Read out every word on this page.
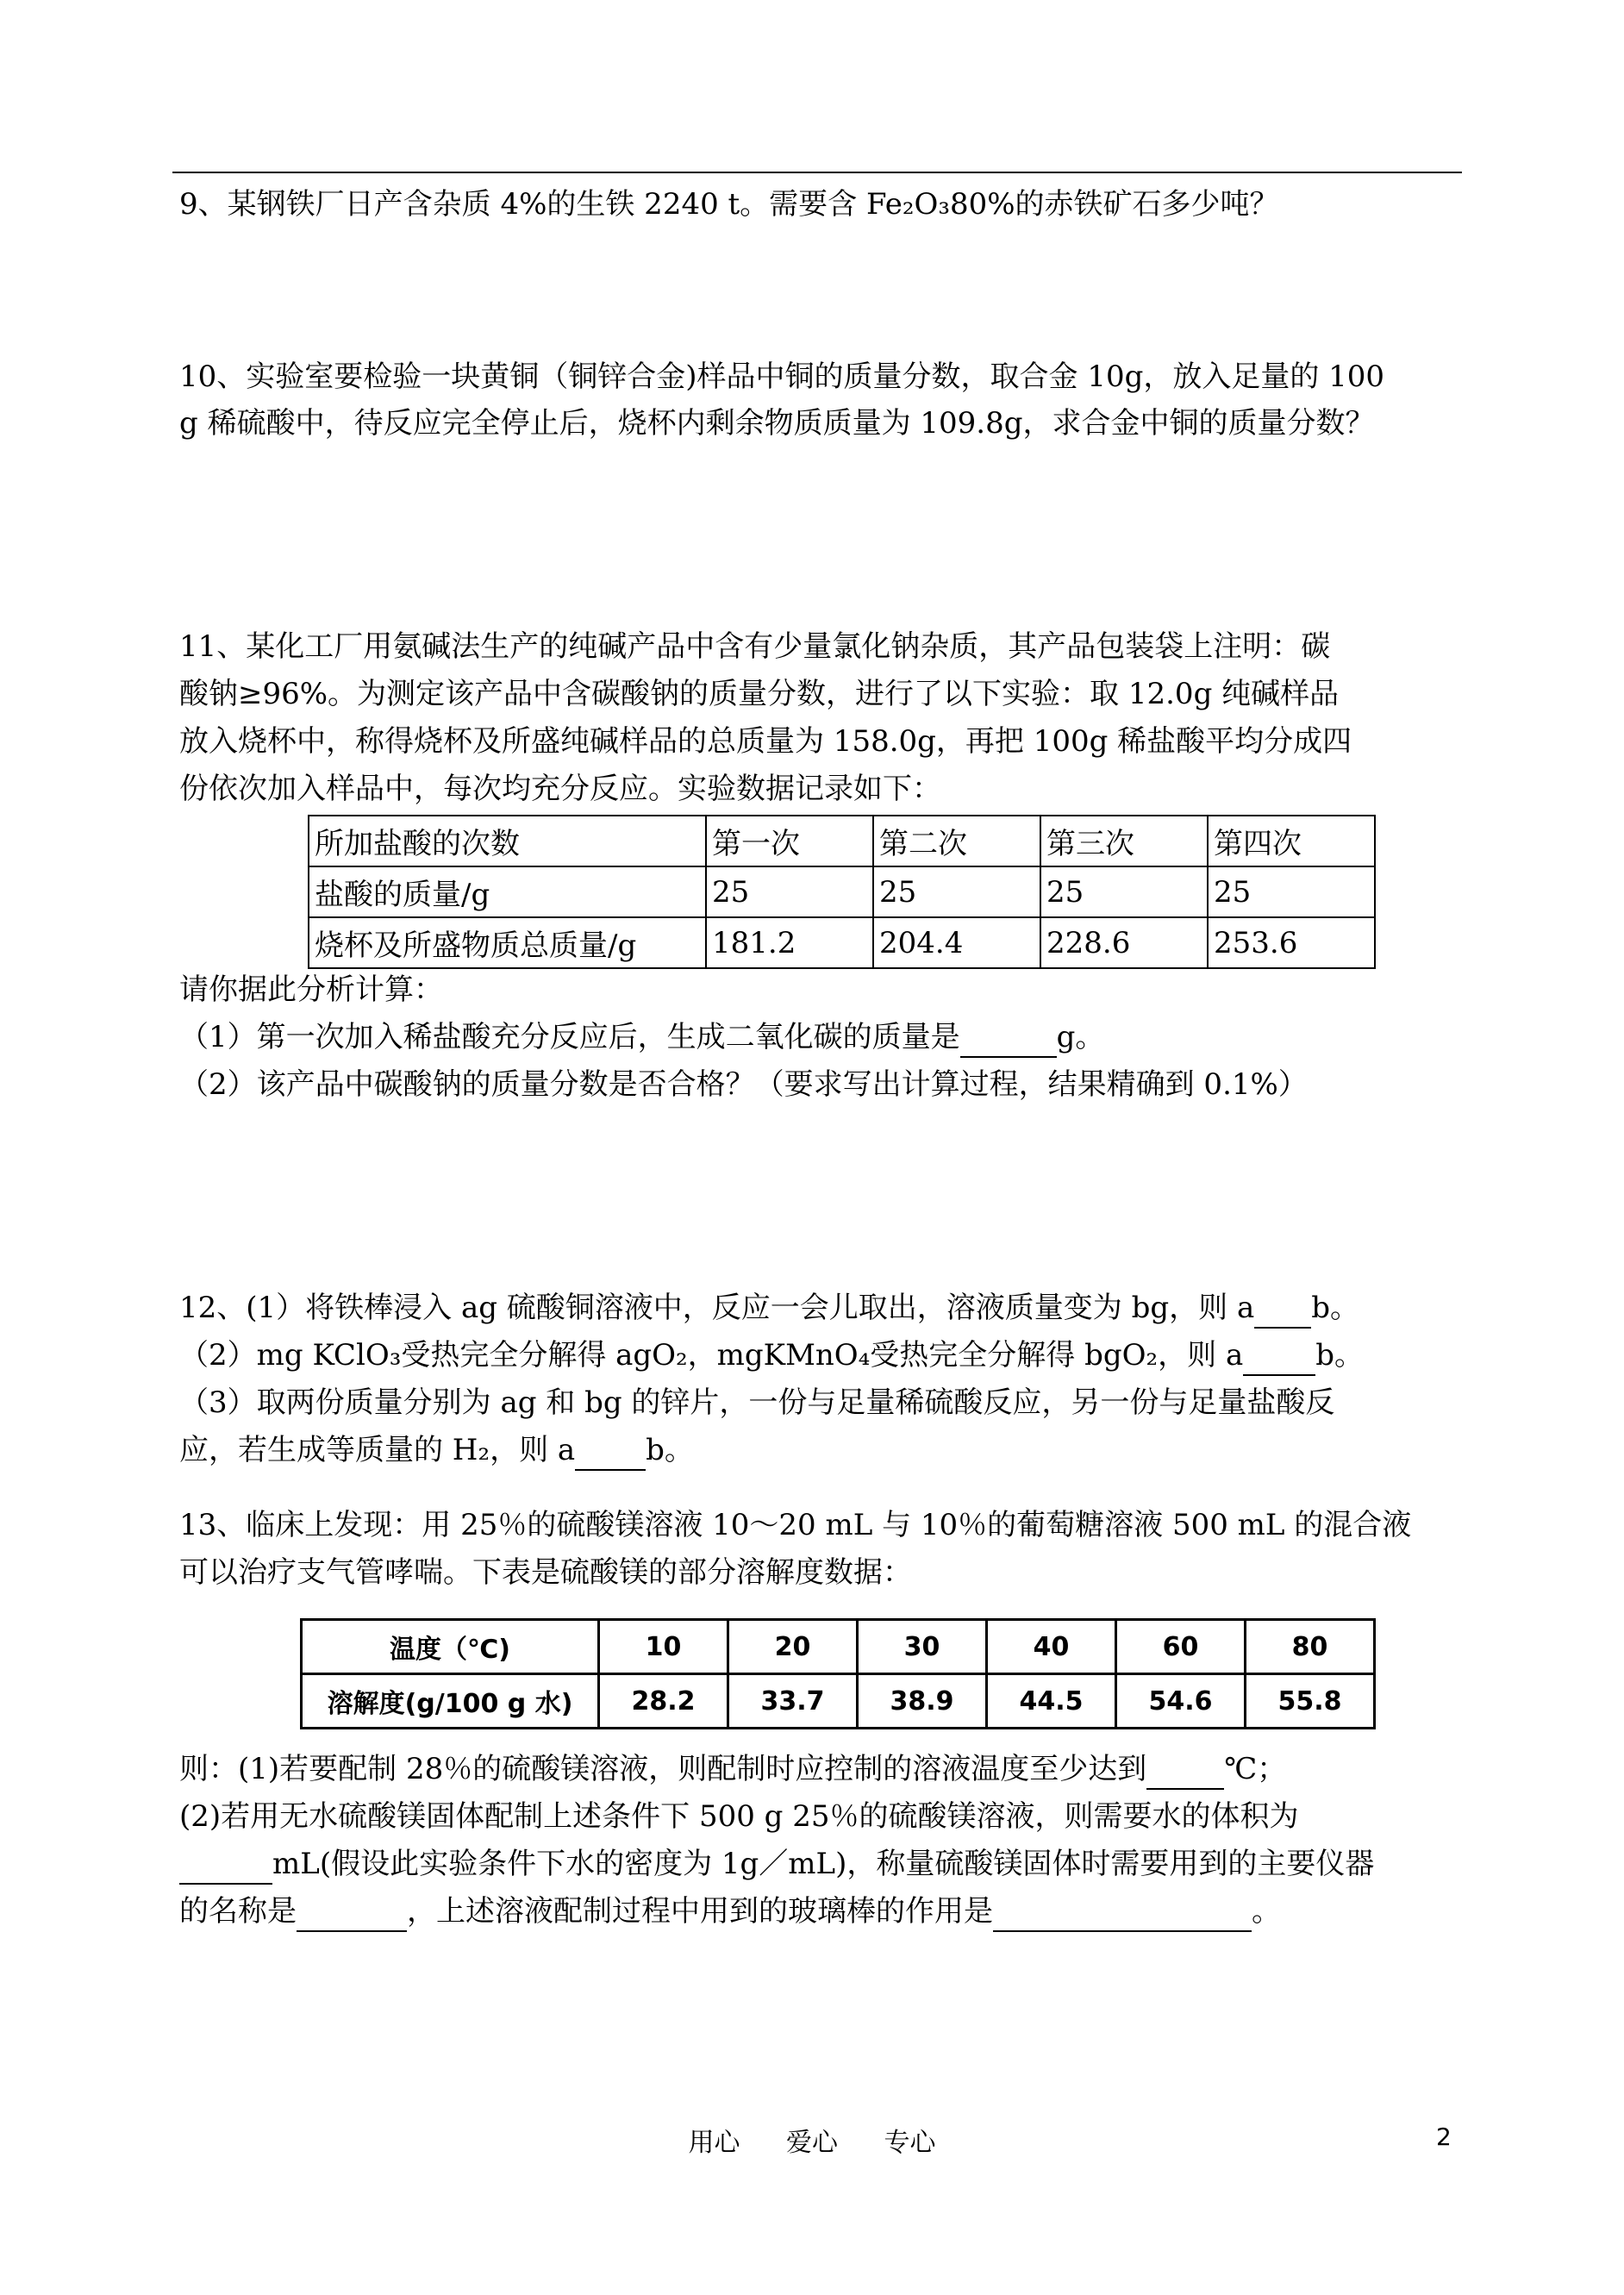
9、某钢铁厂日产含杂质 4%的生铁 2240 t。需要含 Fe₂O₃80%的赤铁矿石多少吨？
10、实验室要检验一块黄铜（铜锌合金)样品中铜的质量分数，取合金 10g，放入足量的 100
g 稀硫酸中，待反应完全停止后，烧杯内剩余物质质量为 109.8g，求合金中铜的质量分数？
11、某化工厂用氨碱法生产的纯碱产品中含有少量氯化钠杂质，其产品包装袋上注明：碳
酸钠≥96%。为测定该产品中含碳酸钠的质量分数，进行了以下实验：取 12.0g 纯碱样品
放入烧杯中，称得烧杯及所盛纯碱样品的总质量为 158.0g，再把 100g 稀盐酸平均分成四
份依次加入样品中，每次均充分反应。实验数据记录如下：
所加盐酸的次数	第一次	第二次	第三次	第四次
盐酸的质量/g	25	25	25	25
烧杯及所盛物质总质量/g	181.2	204.4	228.6	253.6
请你据此分析计算：
（1）第一次加入稀盐酸充分反应后，生成二氧化碳的质量是	g。
（2）该产品中碳酸钠的质量分数是否合格？（要求写出计算过程，结果精确到 0.1%）
12、(1）将铁棒浸入 ag 硫酸铜溶液中，反应一会儿取出，溶液质量变为 bg，则 a b。
（2）mg KClO₃受热完全分解得 agO₂，mgKMnO₄受热完全分解得 bgO₂，则 a b。
（3）取两份质量分别为 ag 和 bg 的锌片，一份与足量稀硫酸反应，另一份与足量盐酸反
应，若生成等质量的 H₂，则 a b。
13、临床上发现：用 25％的硫酸镁溶液 10～20 mL 与 10％的葡萄糖溶液 500 mL 的混合液
可以治疗支气管哮喘。下表是硫酸镁的部分溶解度数据：
温度（℃)	10	20	30	40	60	80
溶解度(g/100 g 水)	28.2	33.7	38.9	44.5	54.6	55.8
则：(1)若要配制 28％的硫酸镁溶液，则配制时应控制的溶液温度至少达到	℃；
(2)若用无水硫酸镁固体配制上述条件下 500 g 25％的硫酸镁溶液，则需要水的体积为
mL(假设此实验条件下水的密度为 1g／mL)，称量硫酸镁固体时需要用到的主要仪器
的名称是	，上述溶液配制过程中用到的玻璃棒的作用是	。
用心 爱心 专心	2
